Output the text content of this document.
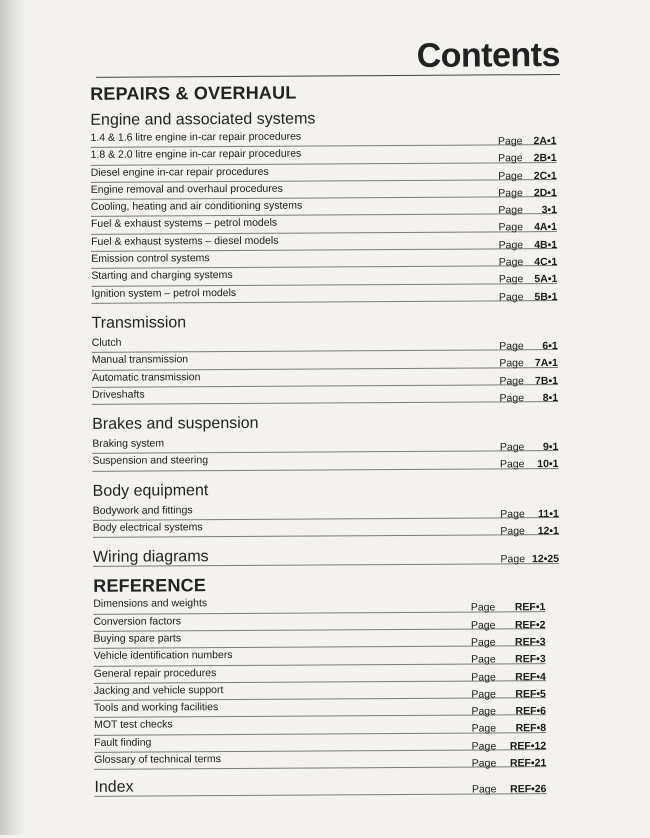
Contents
REPAIRS & OVERHAUL
Engine and associated systems
1.4 & 1.6 litre engine in-car repair procedures	Page 2A•1
1.8 & 2.0 litre engine in-car repair procedures	Page 2B•1
Diesel engine in-car repair procedures	Page 2C•1
Engine removal and overhaul procedures	Page 2D•1
Cooling, heating and air conditioning systems	Page 3•1
Fuel & exhaust systems – petrol models	Page 4A•1
Fuel & exhaust systems – diesel models	Page 4B•1
Emission control systems	Page 4C•1
Starting and charging systems	Page 5A•1
Ignition system – petrol models	Page 5B•1
Transmission
Clutch	Page 6•1
Manual transmission	Page 7A•1
Automatic transmission	Page 7B•1
Driveshafts	Page 8•1
Brakes and suspension
Braking system	Page 9•1
Suspension and steering	Page 10•1
Body equipment
Bodywork and fittings	Page 11•1
Body electrical systems	Page 12•1
Wiring diagrams	Page 12•25
REFERENCE
Dimensions and weights	Page REF•1
Conversion factors	Page REF•2
Buying spare parts	Page REF•3
Vehicle identification numbers	Page REF•3
General repair procedures	Page REF•4
Jacking and vehicle support	Page REF•5
Tools and working facilities	Page REF•6
MOT test checks	Page REF•8
Fault finding	Page REF•12
Glossary of technical terms	Page REF•21
Index	Page REF•26
